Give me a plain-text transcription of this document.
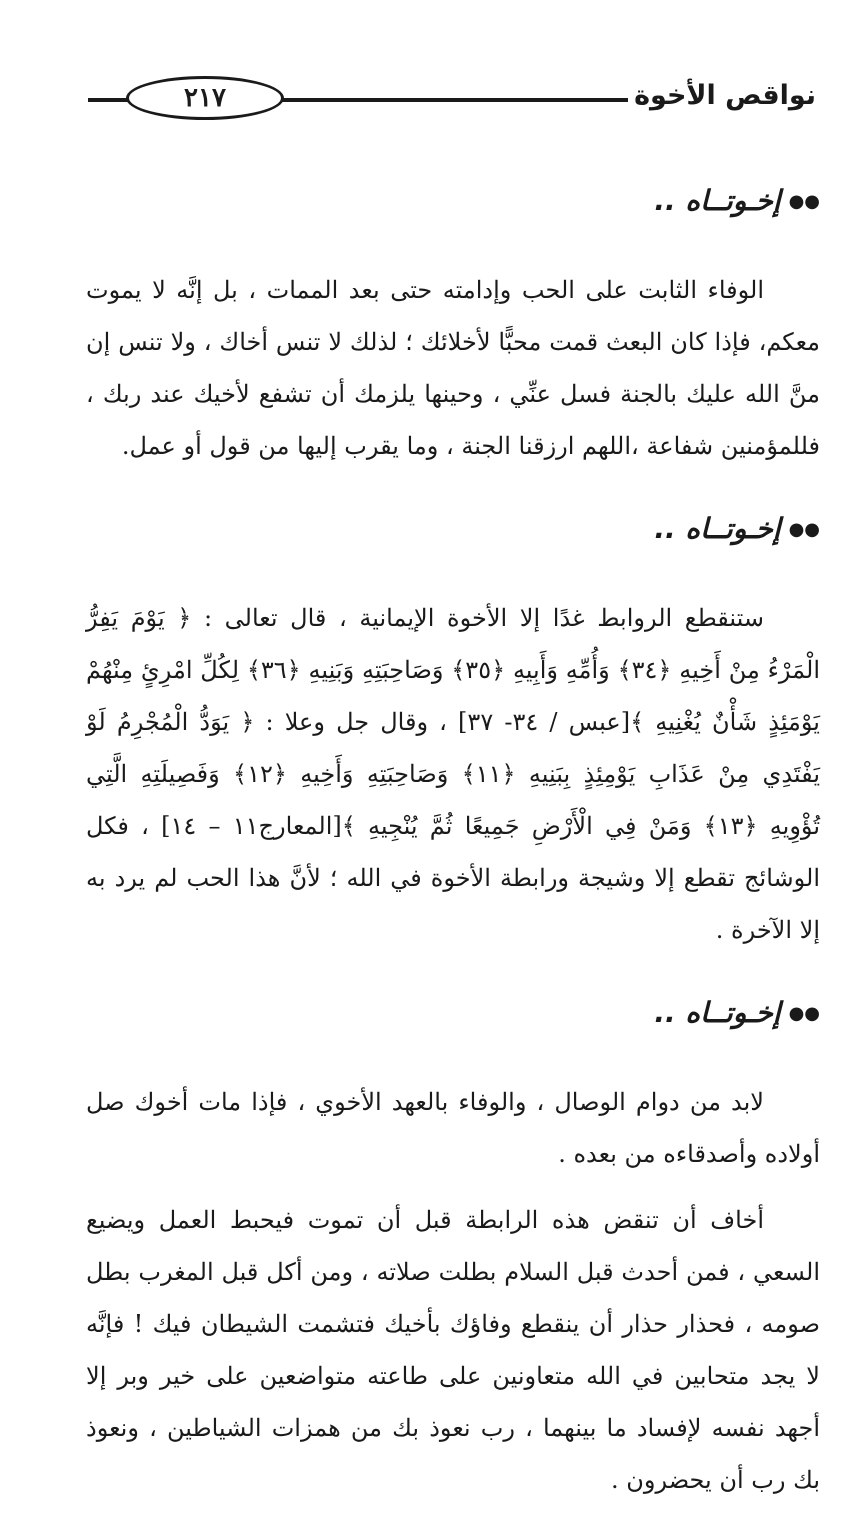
٢١٧	نواقص الأخوة
●●إخـوتــاه ..

الوفاء الثابت على الحب وإدامته حتى بعد الممات ، بل إنَّه لا يموت معكم، فإذا كان البعث قمت محبًّا لأخلائك ؛ لذلك لا تنس أخاك ، ولا تنس إن منَّ الله عليك بالجنة فسل عنِّي ، وحينها يلزمك أن تشفع لأخيك عند ربك ، فللمؤمنين شفاعة ،اللهم ارزقنا الجنة ، وما يقرب إليها من قول أو عمل.

●●إخـوتــاه ..

ستنقطع الروابط غدًا إلا الأخوة الإيمانية ، قال تعالى : ﴿ يَوْمَ يَفِرُّ الْمَرْءُ مِنْ أَخِيهِ ﴿٣٤﴾ وَأُمِّهِ وَأَبِيهِ ﴿٣٥﴾ وَصَاحِبَتِهِ وَبَنِيهِ ﴿٣٦﴾ لِكُلِّ امْرِئٍ مِنْهُمْ يَوْمَئِذٍ شَأْنٌ يُغْنِيهِ ﴾[عبس / ٣٤- ٣٧] ، وقال جل وعلا : ﴿ يَوَدُّ الْمُجْرِمُ لَوْ يَفْتَدِي مِنْ عَذَابِ يَوْمِئِذٍ بِبَنِيهِ ﴿١١﴾ وَصَاحِبَتِهِ وَأَخِيهِ ﴿١٢﴾ وَفَصِيلَتِهِ الَّتِي تُؤْوِيهِ ﴿١٣﴾ وَمَنْ فِي الْأَرْضِ جَمِيعًا ثُمَّ يُنْجِيهِ ﴾[المعارج١١ – ١٤] ، فكل الوشائج تقطع إلا وشيجة ورابطة الأخوة في الله ؛ لأنَّ هذا الحب لم يرد به إلا الآخرة .

●●إخـوتــاه ..

لابد من دوام الوصال ، والوفاء بالعهد الأخوي ، فإذا مات أخوك صل أولاده وأصدقاءه من بعده .

أخاف أن تنقض هذه الرابطة قبل أن تموت فيحبط العمل ويضيع السعي ، فمن أحدث قبل السلام بطلت صلاته ، ومن أكل قبل المغرب بطل صومه ، فحذار حذار أن ينقطع وفاؤك بأخيك فتشمت الشيطان فيك ! فإنَّه لا يجد متحابين في الله متعاونين على طاعته متواضعين على خير وبر إلا أجهد نفسه لإفساد ما بينهما ، رب نعوذ بك من همزات الشياطين ، ونعوذ بك رب أن يحضرون .
